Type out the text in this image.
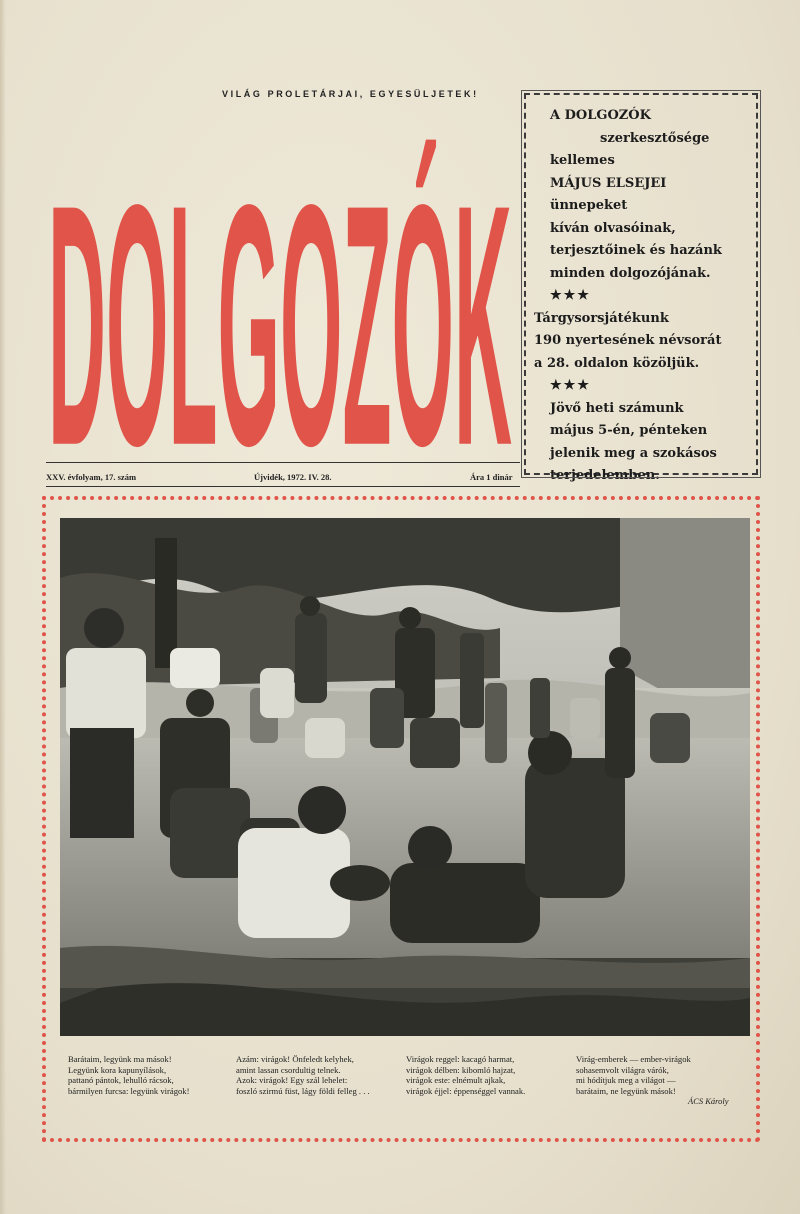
VILÁG PROLETÁRJAI, EGYESÜLJETEK!
DOLGOZÓK
XXV. évfolyam, 17. szám	Újvidék, 1972. IV. 28.	Ára 1 dinár
A DOLGOZÓK
szerkesztősége
kellemes
MÁJUS ELSEJEI
ünnepeket
kíván olvasóinak,
terjesztőinek és hazánk
minden dolgozójának.
★★★
Tárgysorsjátékunk
190 nyertesének névsorát
a 28. oldalon közöljük.
★★★
Jövő heti számunk
május 5-én, pénteken
jelenik meg a szokásos
terjedelemben.
Barátaim, legyünk ma mások!
Legyünk kora kapunyílások,
pattanó pántok, lehulló rácsok,
bármilyen furcsa: legyünk virágok!
Azám: virágok! Önfeledt kelyhek,
amint lassan csordultig telnek.
Azok: virágok! Egy szál lehelet:
foszló szirmú füst, lágy földi felleg . . .
Virágok reggel: kacagó harmat,
virágok délben: kibomló hajzat,
virágok este: elnémult ajkak,
virágok éjjel: éppenséggel vannak.
Virág-emberek — ember-virágok
sohasemvolt világra várók,
mi hódítjuk meg a világot —
barátaim, ne legyünk mások!
ÁCS Károly
